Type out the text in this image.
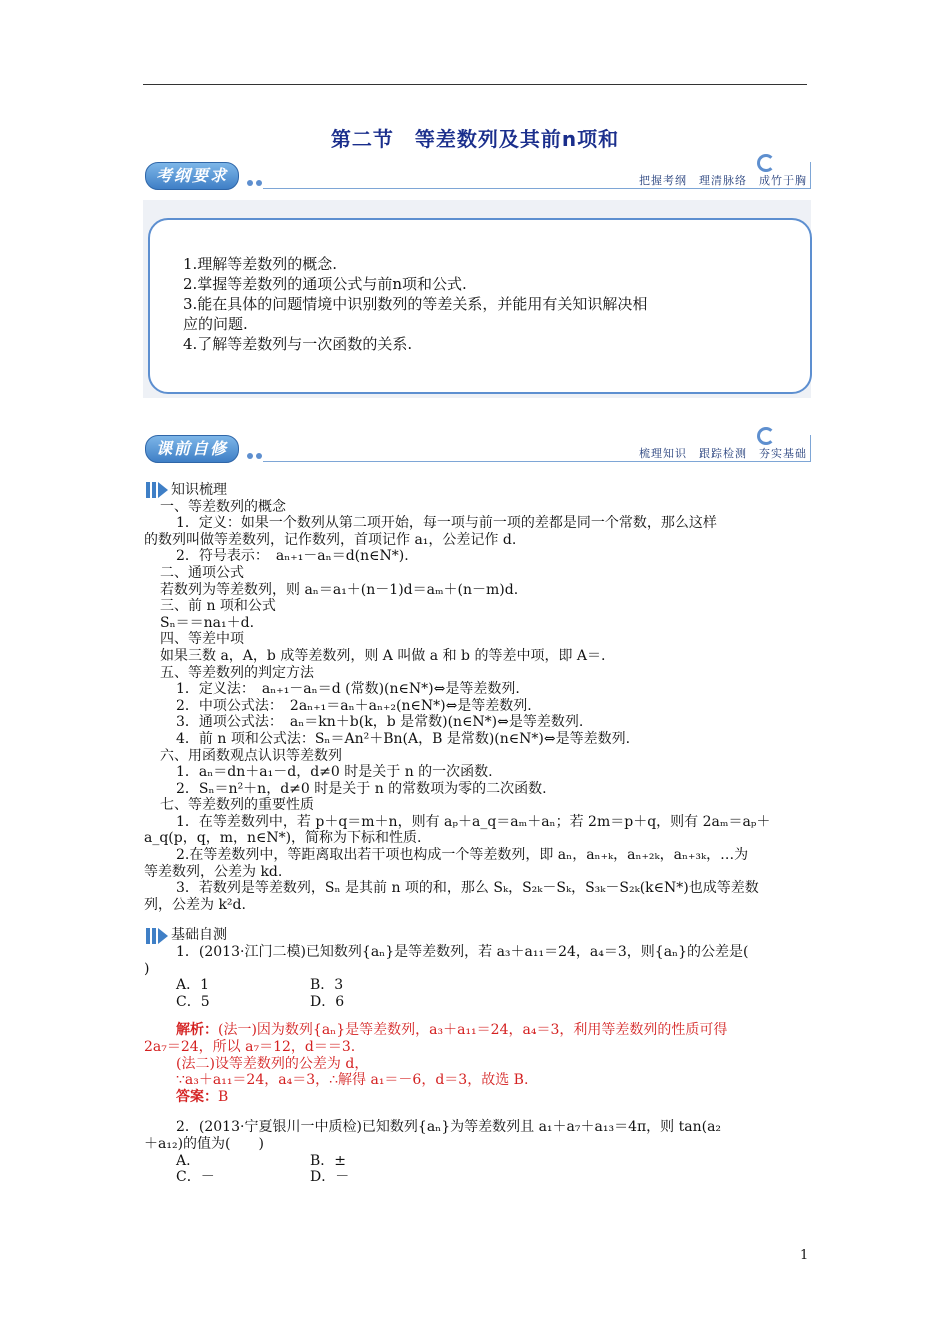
第二节　等差数列及其前n项和
考纲要求	把握考纲　理清脉络　成竹于胸
1.理解等差数列的概念.
2.掌握等差数列的通项公式与前n项和公式.
3.能在具体的问题情境中识别数列的等差关系，并能用有关知识解决相
应的问题.
4.了解等差数列与一次函数的关系.
课前自修	梳理知识　跟踪检测　夯实基础
知识梳理

一、等差数列的概念

1．定义：如果一个数列从第二项开始，每一项与前一项的差都是同一个常数，那么这样

的数列叫做等差数列，记作数列，首项记作 a₁，公差记作 d.

2．符号表示：　aₙ₊₁－aₙ＝d(n∈N*).

二、通项公式

若数列为等差数列，则 aₙ＝a₁＋(n－1)d＝aₘ＋(n－m)d.

三、前 n 项和公式

Sₙ＝＝na₁＋d.

四、等差中项

如果三数 a，A，b 成等差数列，则 A 叫做 a 和 b 的等差中项，即 A＝.

五、等差数列的判定方法

1．定义法：　aₙ₊₁－aₙ＝d (常数)(n∈N*)⇔是等差数列.

2．中项公式法：　2aₙ₊₁＝aₙ＋aₙ₊₂(n∈N*)⇔是等差数列.

3．通项公式法：　aₙ＝kn＋b(k，b 是常数)(n∈N*)⇔是等差数列.

4．前 n 项和公式法：Sₙ＝An²＋Bn(A，B 是常数)(n∈N*)⇔是等差数列.

六、用函数观点认识等差数列

1．aₙ＝dn＋a₁－d，d≠0 时是关于 n 的一次函数.

2．Sₙ＝n²＋n，d≠0 时是关于 n 的常数项为零的二次函数.

七、等差数列的重要性质

1．在等差数列中，若 p＋q＝m＋n，则有 aₚ＋a_q＝aₘ＋aₙ；若 2m＝p＋q，则有 2aₘ＝aₚ＋

a_q(p，q，m，n∈N*)，简称为下标和性质.

2.在等差数列中，等距离取出若干项也构成一个等差数列，即 aₙ，aₙ₊ₖ，aₙ₊₂ₖ，aₙ₊₃ₖ，…为

等差数列，公差为 kd.

3．若数列是等差数列，Sₙ 是其前 n 项的和，那么 Sₖ，S₂ₖ－Sₖ，S₃ₖ－S₂ₖ(k∈N*)也成等差数

列，公差为 k²d.

基础自测

1．(2013·江门二模)已知数列{aₙ}是等差数列，若 a₃＋a₁₁＝24，a₄＝3，则{aₙ}的公差是(

)

A．1	B．3
C．5	D．6

解析：(法一)因为数列{aₙ}是等差数列，a₃＋a₁₁＝24，a₄＝3，利用等差数列的性质可得

2a₇＝24，所以 a₇＝12，d＝＝3.

(法二)设等差数列的公差为 d，

∵a₃＋a₁₁＝24，a₄＝3，∴解得 a₁＝－6，d＝3，故选 B.

答案：B

2．(2013·宁夏银川一中质检)已知数列{aₙ}为等差数列且 a₁＋a₇＋a₁₃＝4π，则 tan(a₂

＋a₁₂)的值为(　　)

A.	B．±
C．－	D．－
1
